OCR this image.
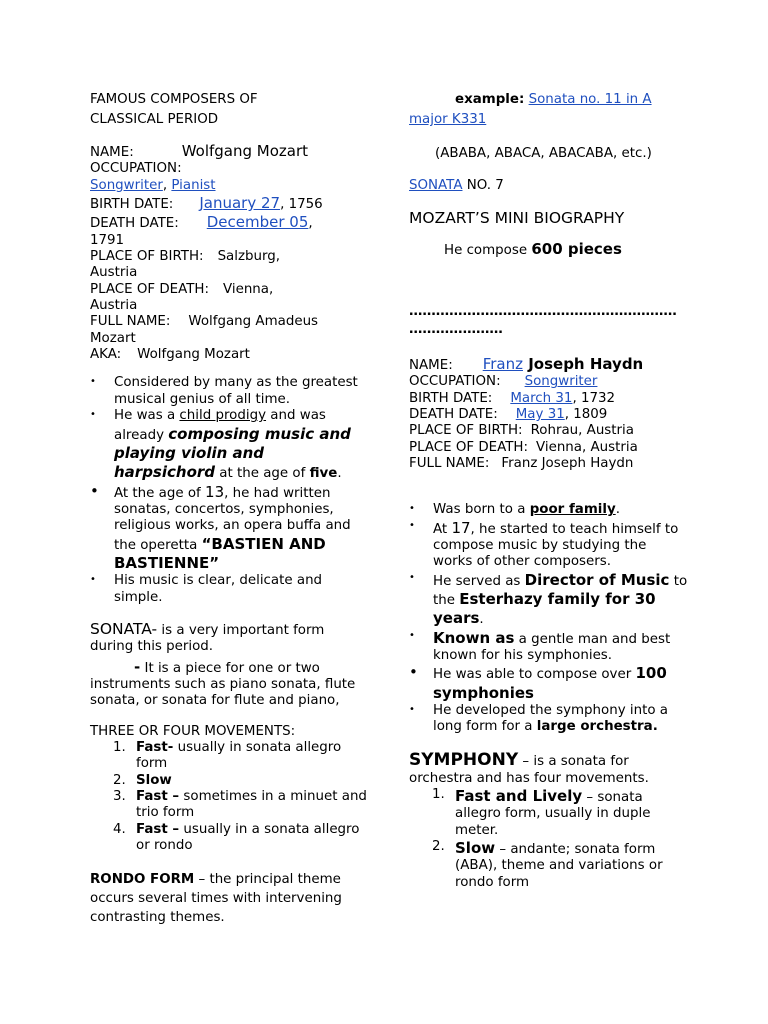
FAMOUS COMPOSERS OF
CLASSICAL PERIOD

NAME:	Wolfgang Mozart

OCCUPATION:

Songwriter, Pianist

BIRTH DATE: January 27, 1756

DEATH DATE: December 05,
1791

PLACE OF BIRTH: Salzburg,
Austria

PLACE OF DEATH: Vienna,
Austria

FULL NAME: Wolfgang Amadeus
Mozart

AKA: Wolfgang Mozart

• Considered by many as the greatest musical genius of all time.
• He was a child prodigy and was already composing music and playing violin and harpsichord at the age of five.
• At the age of 13, he had written sonatas, concertos, symphonies, religious works, an opera buffa and the operetta “BASTIEN AND BASTIENNE”
• His music is clear, delicate and simple.

SONATA- is a very important form during this period.

- It is a piece for one or two instruments such as piano sonata, flute sonata, or sonata for flute and piano,

THREE OR FOUR MOVEMENTS:

1. Fast- usually in sonata allegro form
2. Slow
3. Fast – sometimes in a minuet and trio form
4. Fast – usually in a sonata allegro or rondo

RONDO FORM – the principal theme occurs several times with intervening contrasting themes.

example: Sonata no. 11 in A major K331

(ABABA, ABACA, ABACABA, etc.)

SONATA NO. 7

MOZART’S MINI BIOGRAPHY

He compose 600 pieces

……………………………………………………
…………………

NAME: Franz Joseph Haydn

OCCUPATION: Songwriter

BIRTH DATE: March 31, 1732

DEATH DATE: May 31, 1809

PLACE OF BIRTH: Rohrau, Austria

PLACE OF DEATH: Vienna, Austria

FULL NAME: Franz Joseph Haydn

• Was born to a poor family.
• At 17, he started to teach himself to compose music by studying the works of other composers.
• He served as Director of Music to the Esterhazy family for 30 years.
• Known as a gentle man and best known for his symphonies.
• He was able to compose over 100 symphonies
• He developed the symphony into a long form for a large orchestra.

SYMPHONY – is a sonata for orchestra and has four movements.

1. Fast and Lively – sonata allegro form, usually in duple meter.
2. Slow – andante; sonata form (ABA), theme and variations or rondo form
